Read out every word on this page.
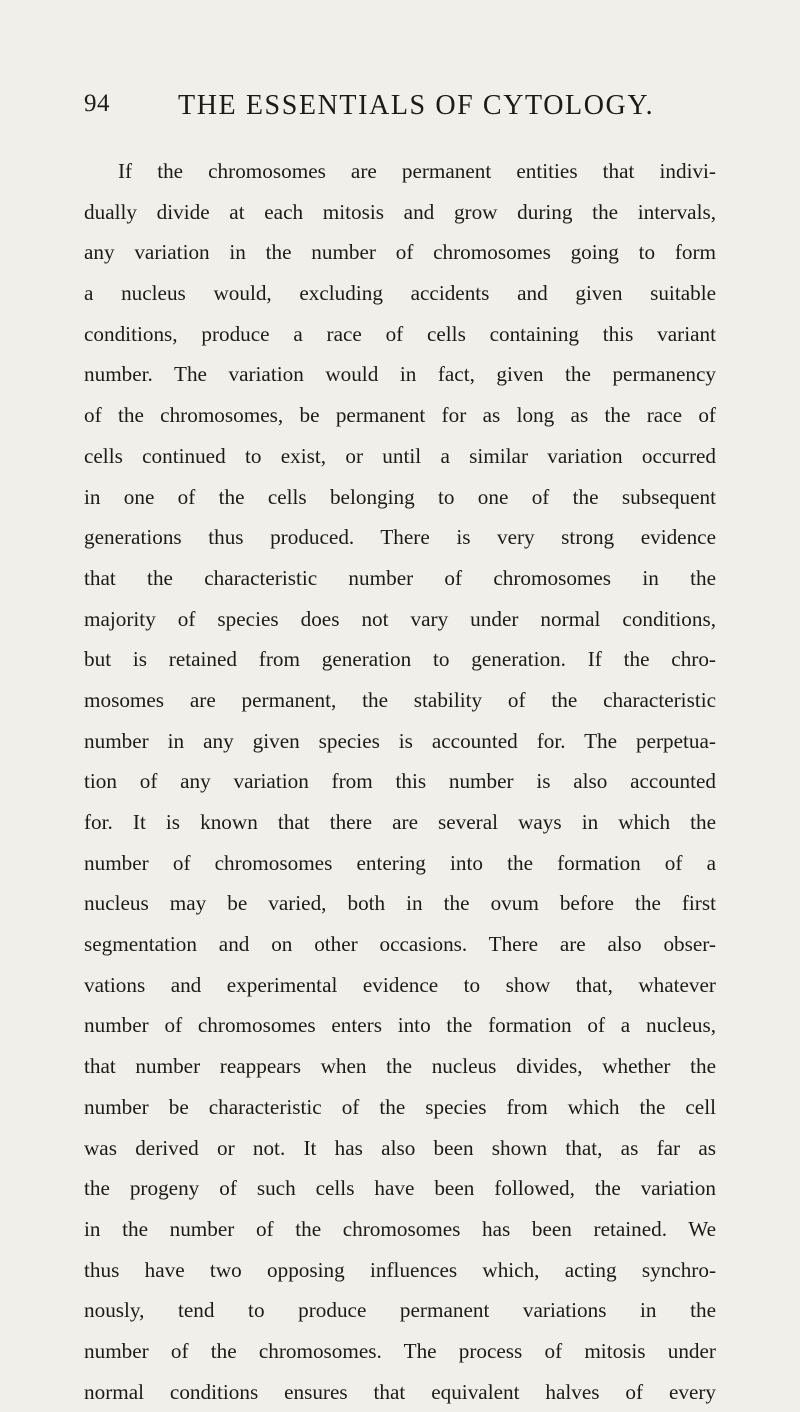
94 THE ESSENTIALS OF CYTOLOGY.
If the chromosomes are permanent entities that indivi-
dually divide at each mitosis and grow during the intervals,
any variation in the number of chromosomes going to form
a nucleus would, excluding accidents and given suitable
conditions, produce a race of cells containing this variant
number. The variation would in fact, given the permanency
of the chromosomes, be permanent for as long as the race of
cells continued to exist, or until a similar variation occurred
in one of the cells belonging to one of the subsequent
generations thus produced. There is very strong evidence
that the characteristic number of chromosomes in the
majority of species does not vary under normal conditions,
but is retained from generation to generation. If the chro-
mosomes are permanent, the stability of the characteristic
number in any given species is accounted for. The perpetua-
tion of any variation from this number is also accounted
for. It is known that there are several ways in which the
number of chromosomes entering into the formation of a
nucleus may be varied, both in the ovum before the first
segmentation and on other occasions. There are also obser-
vations and experimental evidence to show that, whatever
number of chromosomes enters into the formation of a nucleus,
that number reappears when the nucleus divides, whether the
number be characteristic of the species from which the cell
was derived or not. It has also been shown that, as far as
the progeny of such cells have been followed, the variation
in the number of the chromosomes has been retained. We
thus have two opposing influences which, acting synchro-
nously, tend to produce permanent variations in the
number of the chromosomes. The process of mitosis under
normal conditions ensures that equivalent halves of every
